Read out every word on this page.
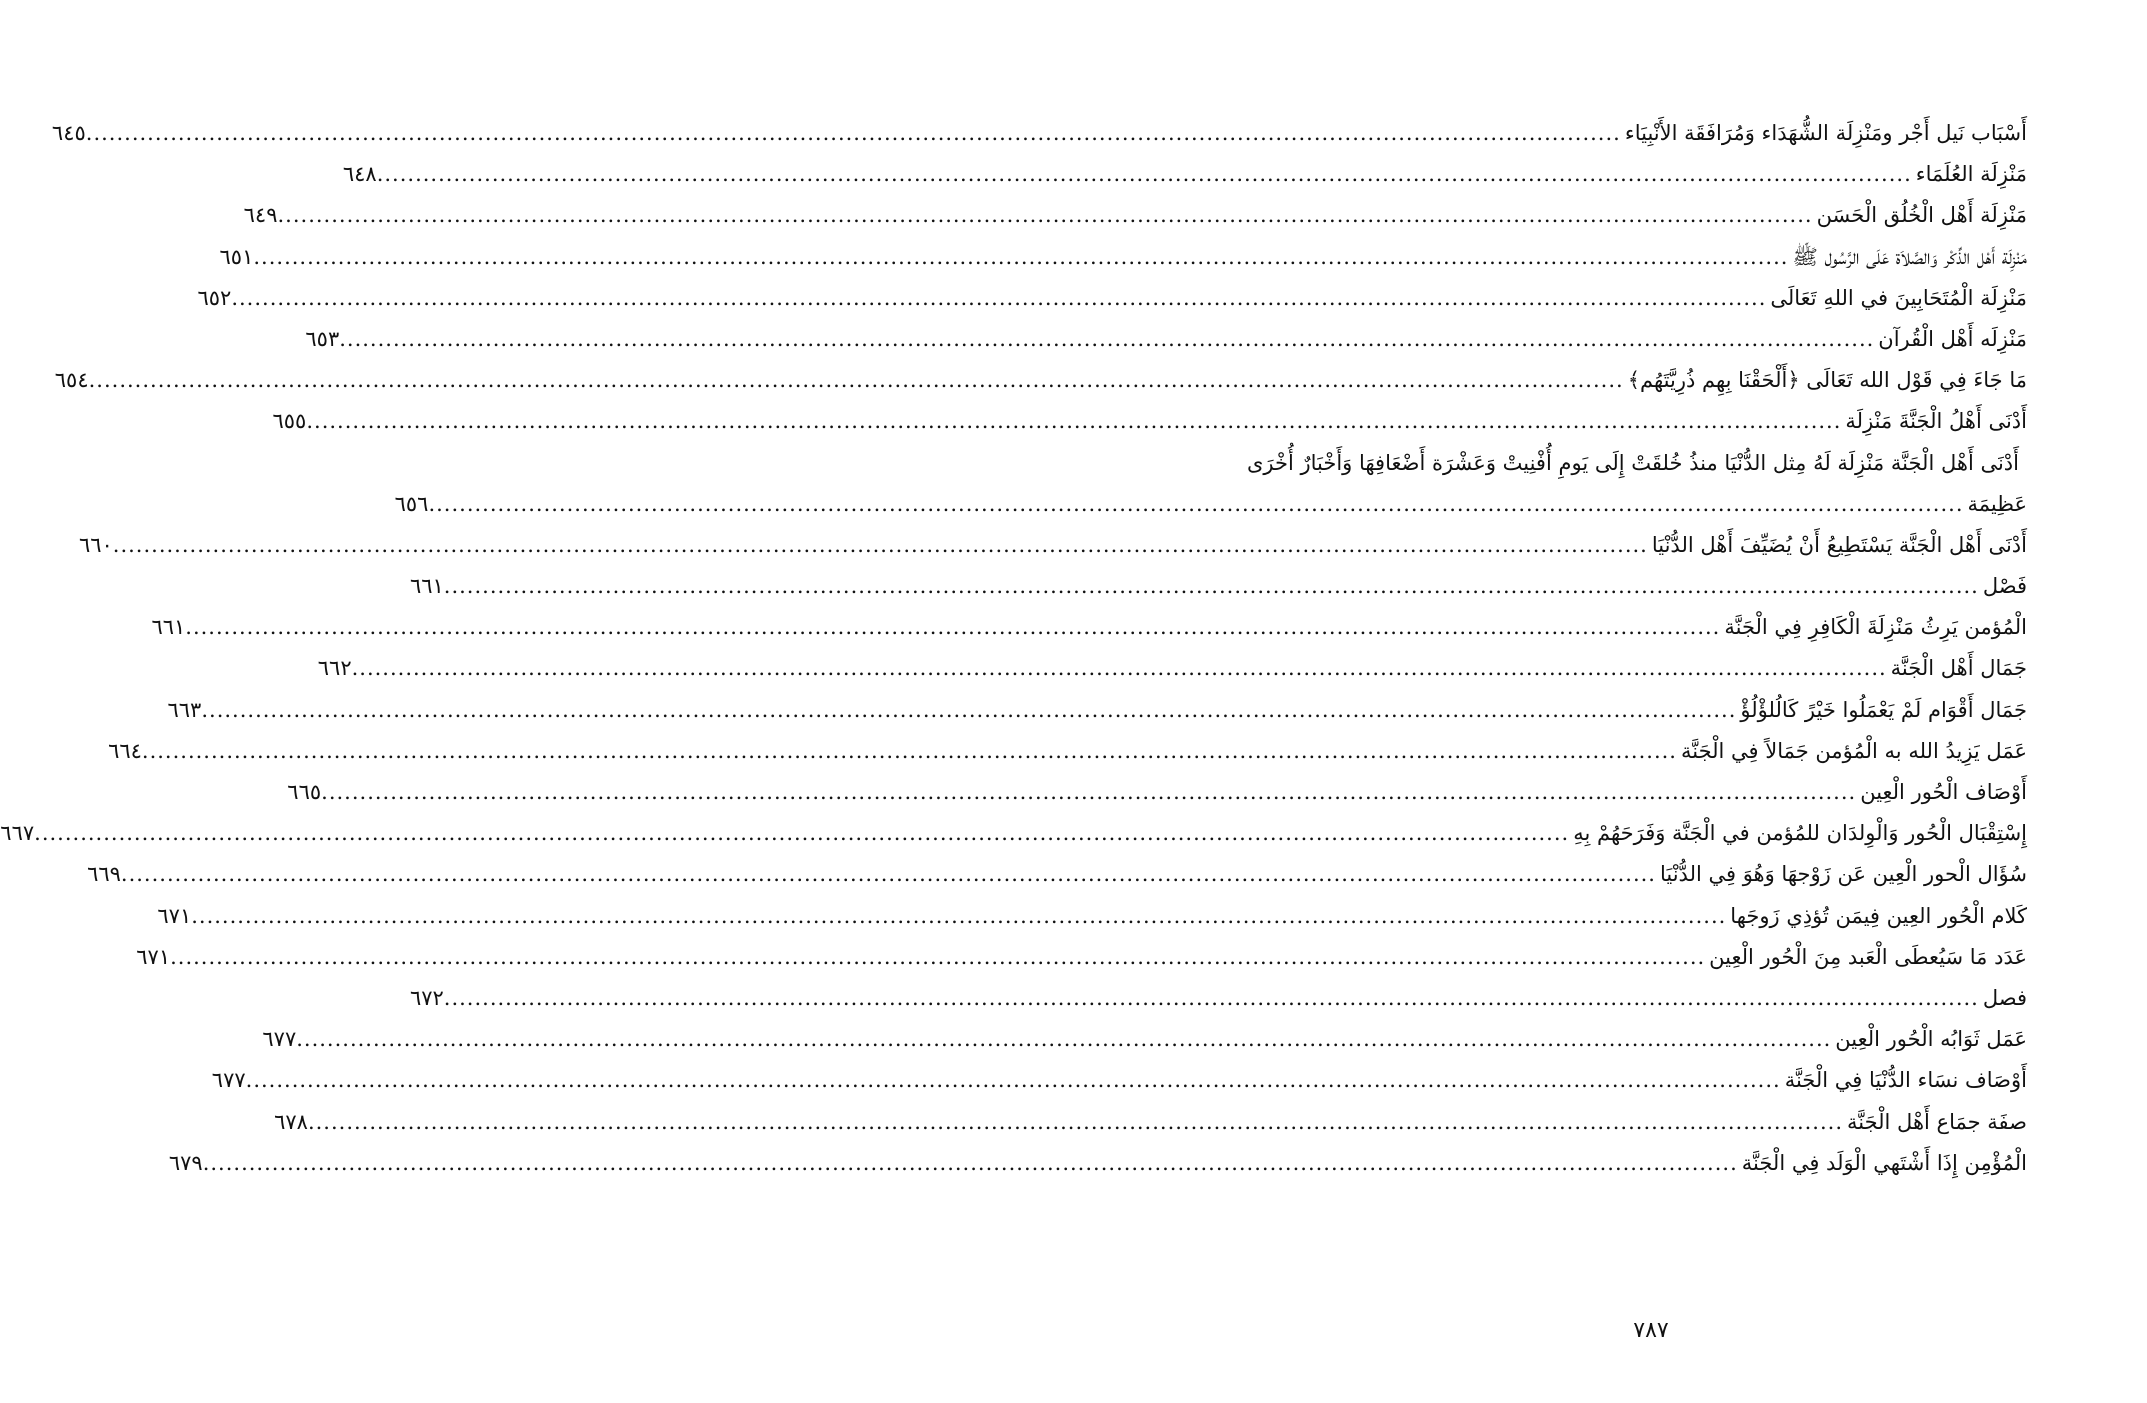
أَسْبَاب نَيل أَجْر ومَنْزِلَة الشُّهَدَاء وَمُرَافَقَة الأَنْبِيَاء
........................................................................................................................................................................................................
٦٤٥
مَنْزِلَة العُلَمَاء
........................................................................................................................................................................................................
٦٤٨
مَنْزِلَة أَهْل الْخُلُق الْحَسَن
........................................................................................................................................................................................................
٦٤٩
مَنْزِلَة أَهْل الذِّكْر وَالصَّلاَة عَلَى الرَّسُول ﷺ
........................................................................................................................................................................................................
٦٥١
مَنْزِلَة الْمُتَحَابِينَ في اللهِ تَعَالَى
........................................................................................................................................................................................................
٦٥٢
مَنْزِلَه أَهْل الْقُرآن
........................................................................................................................................................................................................
٦٥٣
مَا جَاءَ فِي قَوْل الله تَعَالَى ﴿أَلْحَقْنَا بِهِم ذُرِيَّتَهُم﴾
........................................................................................................................................................................................................
٦٥٤
أَدْنَى أَهْلُ الْجَنَّةَ مَنْزِلَة
........................................................................................................................................................................................................
٦٥٥
أَدْنَى أَهْل الْجَنَّة مَنْزِلَة لَهُ مِثل الدُّنْيَا منذُ خُلقَتْ إِلَى يَومِ أُفْنِيتْ وَعَشْرَة أَضْعَافِهَا وَأَخْبَارٌ أُخْرَى
عَظِيمَة
........................................................................................................................................................................................................
٦٥٦
أَدْنَى أَهْل الْجَنَّة يَسْتَطِيعُ أَنْ يُضَيِّفَ أَهْل الدُّنْيَا
........................................................................................................................................................................................................
٦٦٠
فَصْل
........................................................................................................................................................................................................
٦٦١
الْمُؤمن يَرِثُ مَنْزِلَةَ الْكَافِرِ فِي الْجَنَّة
........................................................................................................................................................................................................
٦٦١
جَمَال أَهْل الْجَنَّة
........................................................................................................................................................................................................
٦٦٢
جَمَال أَقْوَام لَمْ يَعْمَلُوا خَيْرً كَالُلؤْلُؤْ
........................................................................................................................................................................................................
٦٦٣
عَمَل يَزِيدُ الله به الْمُؤمن جَمَالاً فِي الْجَنَّة
........................................................................................................................................................................................................
٦٦٤
أَوْصَاف الْحُور الْعِين
........................................................................................................................................................................................................
٦٦٥
إِسْتِقْبَال الْحُور وَالْوِلدَان للمُؤمن في الْجَنَّة وَفَرَحَهُمْ بِهِ
........................................................................................................................................................................................................
٦٦٧
سُؤَال الْحور الْعِين عَن زَوْجهَا وَهُوَ فِي الدُّنْيَا
........................................................................................................................................................................................................
٦٦٩
كَلام الْحُور العِين فِيمَن تُؤذِي زَوجَها
........................................................................................................................................................................................................
٦٧١
عَدَد مَا سَيُعطَى الْعَبد مِنَ الْحُور الْعِين
........................................................................................................................................................................................................
٦٧١
فصل
........................................................................................................................................................................................................
٦٧٢
عَمَل ثَوَابُه الْحُور الْعِين
........................................................................................................................................................................................................
٦٧٧
أَوْصَاف نسَاء الدُّنْيَا فِي الْجَنَّة
........................................................................................................................................................................................................
٦٧٧
صفَة جمَاع أَهْل الْجَنَّة
........................................................................................................................................................................................................
٦٧٨
الْمُؤْمِن إِذَا أَشْتَهي الْوَلَد فِي الْجَنَّة
........................................................................................................................................................................................................
٦٧٩
٧٨٧
